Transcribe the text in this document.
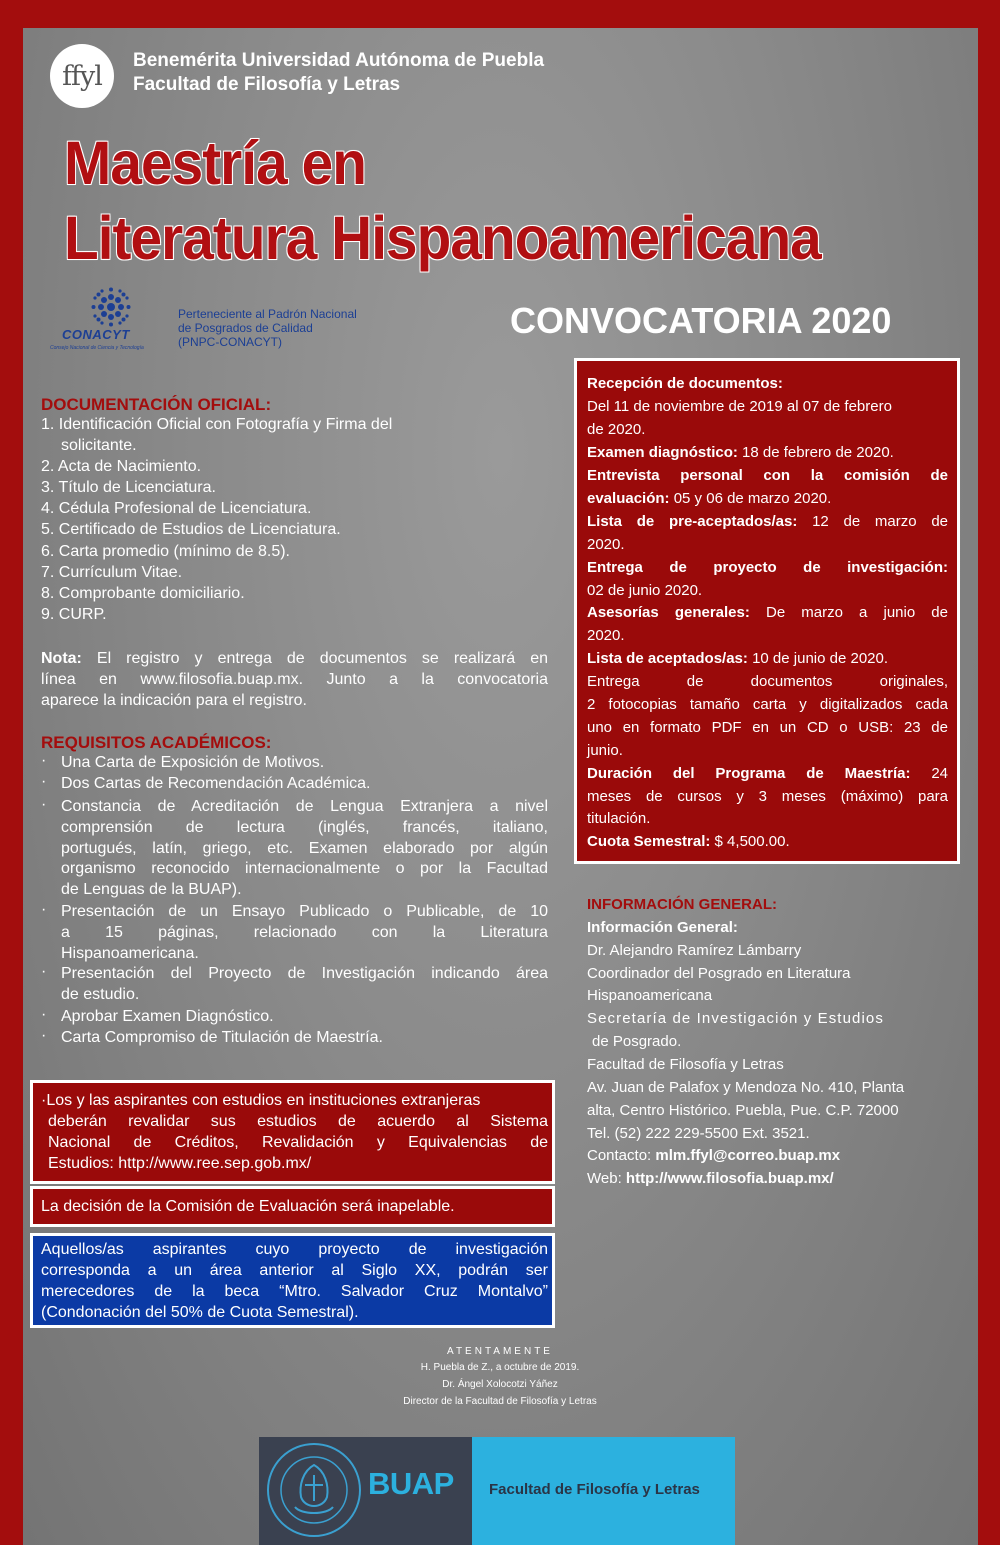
ffyl Benemérita Universidad Autónoma de Puebla
Facultad de Filosofía y Letras
Maestría en
Literatura Hispanoamericana
CONACYT
Consejo Nacional de Ciencia y Tecnología
Perteneciente al Padrón Nacional
de Posgrados de Calidad
(PNPC-CONACYT)
CONVOCATORIA 2020
DOCUMENTACIÓN OFICIAL:
1. Identificación Oficial con Fotografía y Firma del
solicitante.
2. Acta de Nacimiento.
3. Título de Licenciatura.
4. Cédula Profesional de Licenciatura.
5. Certificado de Estudios de Licenciatura.
6. Carta promedio (mínimo de 8.5).
7. Currículum Vitae.
8. Comprobante domiciliario.
9. CURP.
Nota: El registro y entrega de documentos se realizará en
línea en www.filosofia.buap.mx. Junto a la convocatoria
aparece la indicación para el registro.
REQUISITOS ACADÉMICOS:
· Una Carta de Exposición de Motivos.
· Dos Cartas de Recomendación Académica.
· Constancia de Acreditación de Lengua Extranjera a nivel
comprensión de lectura (inglés, francés, italiano,
portugués, latín, griego, etc. Examen elaborado por algún
organismo reconocido internacionalmente o por la Facultad
de Lenguas de la BUAP).
· Presentación de un Ensayo Publicado o Publicable, de 10
a 15 páginas, relacionado con la Literatura
Hispanoamericana.
· Presentación del Proyecto de Investigación indicando área
de estudio.
· Aprobar Examen Diagnóstico.
· Carta Compromiso de Titulación de Maestría.
·Los y las aspirantes con estudios en instituciones extranjeras
deberán revalidar sus estudios de acuerdo al Sistema
Nacional de Créditos, Revalidación y Equivalencias de
Estudios: http://www.ree.sep.gob.mx/
La decisión de la Comisión de Evaluación será inapelable.
Aquellos/as aspirantes cuyo proyecto de investigación
corresponda a un área anterior al Siglo XX, podrán ser
merecedores de la beca “Mtro. Salvador Cruz Montalvo”
(Condonación del 50% de Cuota Semestral).
Recepción de documentos:
Del 11 de noviembre de 2019 al 07 de febrero
de 2020.
Examen diagnóstico: 18 de febrero de 2020.
Entrevista personal con la comisión de
evaluación: 05 y 06 de marzo 2020.
Lista de pre-aceptados/as: 12 de marzo de
2020.
Entrega de proyecto de investigación:
02 de junio 2020.
Asesorías generales: De marzo a junio de
2020.
Lista de aceptados/as: 10 de junio de 2020.
Entrega de documentos originales,
2 fotocopias tamaño carta y digitalizados cada
uno en formato PDF en un CD o USB: 23 de
junio.
Duración del Programa de Maestría: 24
meses de cursos y 3 meses (máximo) para
titulación.
Cuota Semestral: $ 4,500.00.
INFORMACIÓN GENERAL:
Información General:
Dr. Alejandro Ramírez Lámbarry
Coordinador del Posgrado en Literatura
Hispanoamericana
Secretaría de Investigación y Estudios
de Posgrado.
Facultad de Filosofía y Letras
Av. Juan de Palafox y Mendoza No. 410, Planta
alta, Centro Histórico. Puebla, Pue. C.P. 72000
Tel. (52) 222 229-5500 Ext. 3521.
Contacto: mlm.ffyl@correo.buap.mx
Web: http://www.filosofia.buap.mx/
ATENTAMENTE
H. Puebla de Z., a octubre de 2019.
Dr. Ángel Xolocotzi Yáñez
Director de la Facultad de Filosofía y Letras
BUAP Facultad de Filosofía y Letras
